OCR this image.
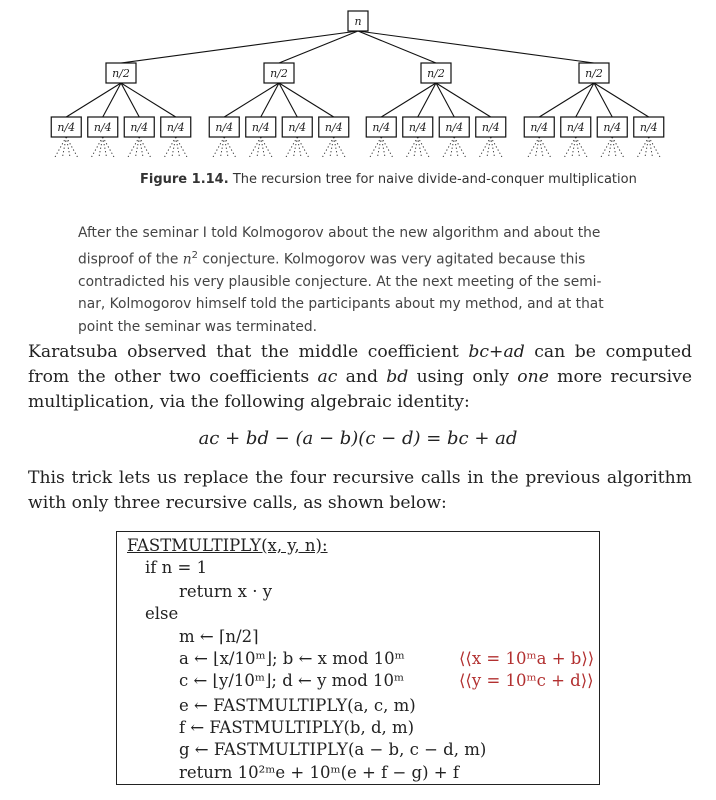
n/2
n/4 n/4 n/4 n/4
n/2
n/4 n/4 n/4 n/4
n/2
n/4 n/4 n/4 n/4
n/2
n/4 n/4 n/4 n/4
n
Figure 1.14. The recursion tree for naive divide-and-conquer multiplication
After the seminar I told Kolmogorov about the new algorithm and about the
disproof of the $n^2$ conjecture. Kolmogorov was very agitated because this
contradicted his very plausible conjecture. At the next meeting of the semi-
nar, Kolmogorov himself told the participants about my method, and at that
point the seminar was terminated.
Karatsuba observed that the middle coefficient bc+ad can be computed from the other two coefficients ac and bd using only one more recursive multiplication, via the following algebraic identity:
ac + bd − (a − b)(c − d) = bc + ad
This trick lets us replace the four recursive calls in the previous algorithm with only three recursive calls, as shown below:
FASTMULTIPLY(x, y, n):
if n = 1
return x · y
else
m ← ⌈n/2⌉
a ← ⌊x/10ᵐ⌋; b ← x mod 10ᵐ
c ← ⌊y/10ᵐ⌋; d ← y mod 10ᵐ
e ← FASTMULTIPLY(a, c, m)
f ← FASTMULTIPLY(b, d, m)
g ← FASTMULTIPLY(a − b, c − d, m)
return 10²ᵐe + 10ᵐ(e + f − g) + f
⟨⟨x = 10ᵐa + b⟩⟩
⟨⟨y = 10ᵐc + d⟩⟩
